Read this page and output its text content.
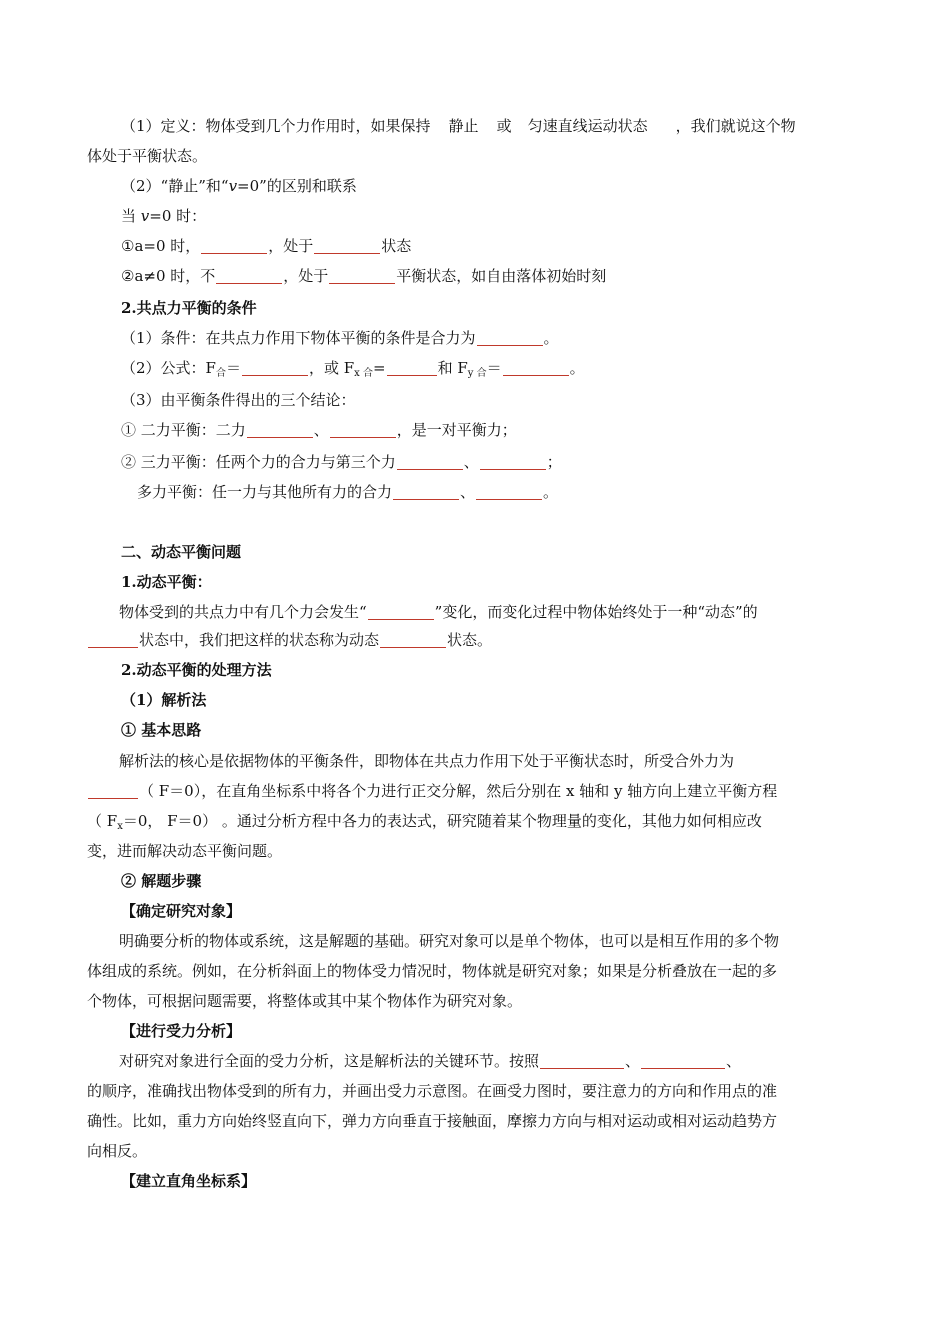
（1）定义：物体受到几个力作用时，如果保持 静止 或 匀速直线运动状态 ，我们就说这个物
体处于平衡状态。
（2）“静止”和“v=0”的区别和联系
当 v=0 时：
①a=0 时，	，处于	状态
②a≠0 时，不	，处于	平衡状态，如自由落体初始时刻
2.共点力平衡的条件
（1）条件：在共点力作用下物体平衡的条件是合力为	。
（2）公式：$F_合=$	，或 $F_{x 合}=$	和 $F_{y 合}=$	。
（3）由平衡条件得出的三个结论：
① 二力平衡：二力	、	，是一对平衡力；
② 三力平衡：任两个力的合力与第三个力	、	；
多力平衡：任一力与其他所有力的合力	、	。
二、动态平衡问题
1.动态平衡：
物体受到的共点力中有几个力会发生“	”变化，而变化过程中物体始终处于一种“动态”的
状态中，我们把这样的状态称为动态	状态。
2.动态平衡的处理方法
（1）解析法
① 基本思路
解析法的核心是依据物体的平衡条件，即物体在共点力作用下处于平衡状态时，所受合外力为
（ F＝0），在直角坐标系中将各个力进行正交分解，然后分别在 x 轴和 y 轴方向上建立平衡方程
（ $F_x=0$， F＝0） 。通过分析方程中各力的表达式，研究随着某个物理量的变化，其他力如何相应改
变，进而解决动态平衡问题。
② 解题步骤
【确定研究对象】
明确要分析的物体或系统，这是解题的基础。研究对象可以是单个物体，也可以是相互作用的多个物
体组成的系统。例如，在分析斜面上的物体受力情况时，物体就是研究对象；如果是分析叠放在一起的多
个物体，可根据问题需要，将整体或其中某个物体作为研究对象。
【进行受力分析】
对研究对象进行全面的受力分析，这是解析法的关键环节。按照	、	、
的顺序，准确找出物体受到的所有力，并画出受力示意图。在画受力图时，要注意力的方向和作用点的准
确性。比如，重力方向始终竖直向下，弹力方向垂直于接触面，摩擦力方向与相对运动或相对运动趋势方
向相反。
【建立直角坐标系】
